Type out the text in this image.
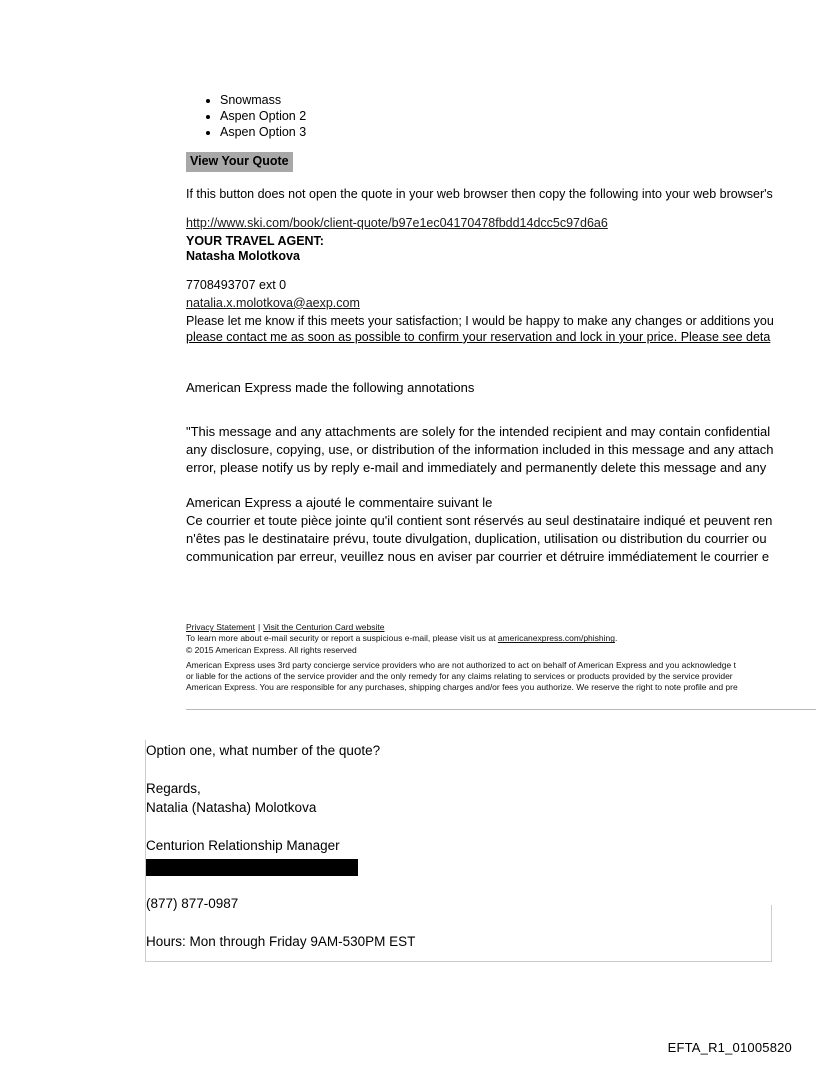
• Snowmass
• Aspen Option 2
• Aspen Option 3
View Your Quote

If this button does not open the quote in your web browser then copy the following into your web browser's

http://www.ski.com/book/client-quote/b97e1ec04170478fbdd14dcc5c97d6a6

YOUR TRAVEL AGENT:

Natasha Molotkova

7708493707 ext 0

natalia.x.molotkova@aexp.com

Please let me know if this meets your satisfaction; I would be happy to make any changes or additions you

please contact me as soon as possible to confirm your reservation and lock in your price. Please see deta

American Express made the following annotations

"This message and any attachments are solely for the intended recipient and may contain confidential

any disclosure, copying, use, or distribution of the information included in this message and any attach

error, please notify us by reply e-mail and immediately and permanently delete this message and any

American Express a ajouté le commentaire suivant le

Ce courrier et toute pièce jointe qu'il contient sont réservés au seul destinataire indiqué et peuvent ren

n'êtes pas le destinataire prévu, toute divulgation, duplication, utilisation ou distribution du courrier ou

communication par erreur, veuillez nous en aviser par courrier et détruire immédiatement le courrier e

Privacy Statement | Visit the Centurion Card website
To learn more about e-mail security or report a suspicious e-mail, please visit us at americanexpress.com/phishing.
© 2015 American Express. All rights reserved
American Express uses 3rd party concierge service providers who are not authorized to act on behalf of American Express and you acknowledge t
or liable for the actions of the service provider and the only remedy for any claims relating to services or products provided by the service provider
American Express. You are responsible for any purchases, shipping charges and/or fees you authorize. We reserve the right to note profile and pre

Option one, what number of the quote?

Regards,

Natalia (Natasha) Molotkova

Centurion Relationship Manager

(877) 877-0987

Hours: Mon through Friday 9AM-530PM EST

EFTA_R1_01005820
